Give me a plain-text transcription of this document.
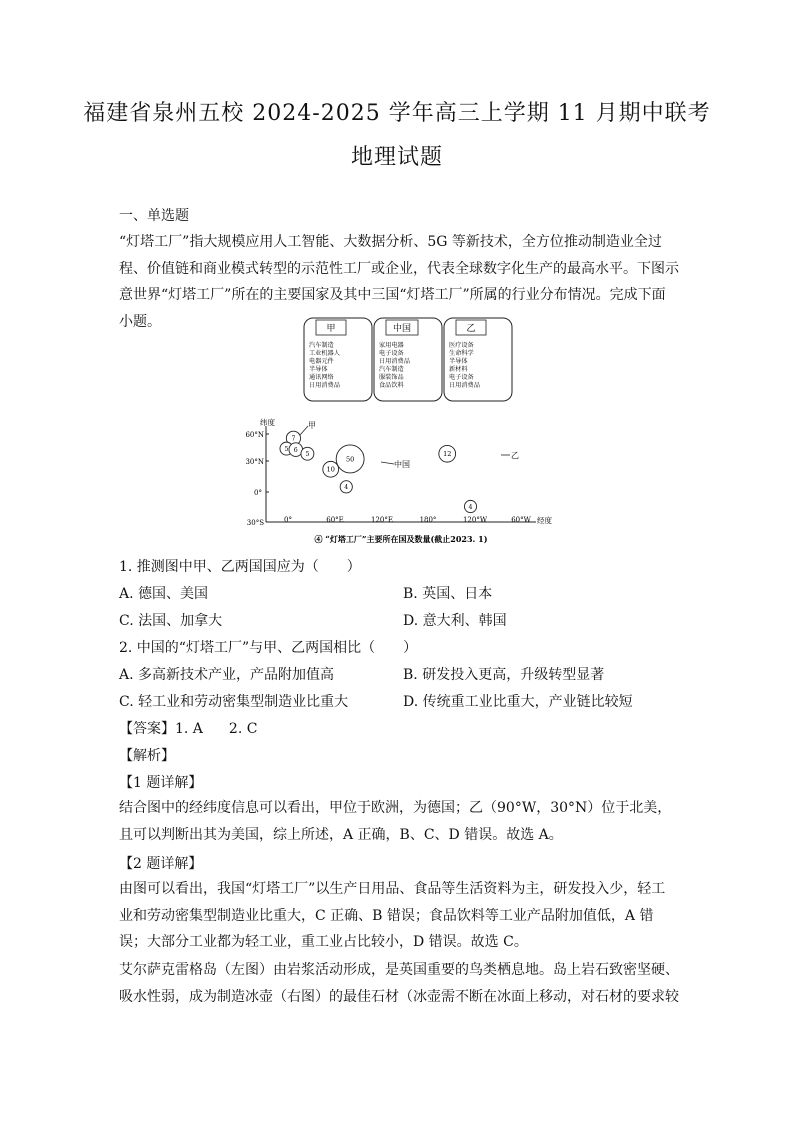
福建省泉州五校 2024-2025 学年高三上学期 11 月期中联考
地理试题
一、单选题

“灯塔工厂”指大规模应用人工智能、大数据分析、5G 等新技术，全方位推动制造业全过程、价值链和商业模式转型的示范性工厂或企业，代表全球数字化生产的最高水平。下图示意世界“灯塔工厂”所在的主要国家及其中三国“灯塔工厂”所属的行业分布情况。完成下面小题。	甲
汽车制造
工业机器人
电器元件
半导体
通讯网络
日用消费品
中国
家用电器
电子设备
日用消费品
汽车制造
服装饰品
食品饮料
乙
医疗设备
生命科学
半导体
新材料
电子设备
日用消费品
纬度
经度
60°N
30°N
0°
30°S	0°	60°E	120°E	180°	120°W	60°W
7
5 6
5
10
50
4
12
4
甲
中国
乙
④ “灯塔工厂”主要所在国及数量(截止2023. 1)
1. 推测图中甲、乙两国国应为（　　）
A. 德国、美国	B. 英国、日本
C. 法国、加拿大	D. 意大利、韩国
2. 中国的“灯塔工厂”与甲、乙两国相比（　　）
A. 多高新技术产业，产品附加值高	B. 研发投入更高，升级转型显著
C. 轻工业和劳动密集型制造业比重大	D. 传统重工业比重大，产业链比较短
【答案】1. A 2. C
【解析】
【1 题详解】

结合图中的经纬度信息可以看出，甲位于欧洲，为德国；乙（90°W，30°N）位于北美，且可以判断出其为美国，综上所述，A 正确，B、C、D 错误。故选 A。

【2 题详解】

由图可以看出，我国“灯塔工厂”以生产日用品、食品等生活资料为主，研发投入少，轻工业和劳动密集型制造业比重大，C 正确、B 错误；食品饮料等工业产品附加值低，A 错误；大部分工业都为轻工业，重工业占比较小，D 错误。故选 C。

艾尔萨克雷格岛（左图）由岩浆活动形成，是英国重要的鸟类栖息地。岛上岩石致密坚硬、吸水性弱，成为制造冰壶（右图）的最佳石材（冰壶需不断在冰面上移动，对石材的要求较
